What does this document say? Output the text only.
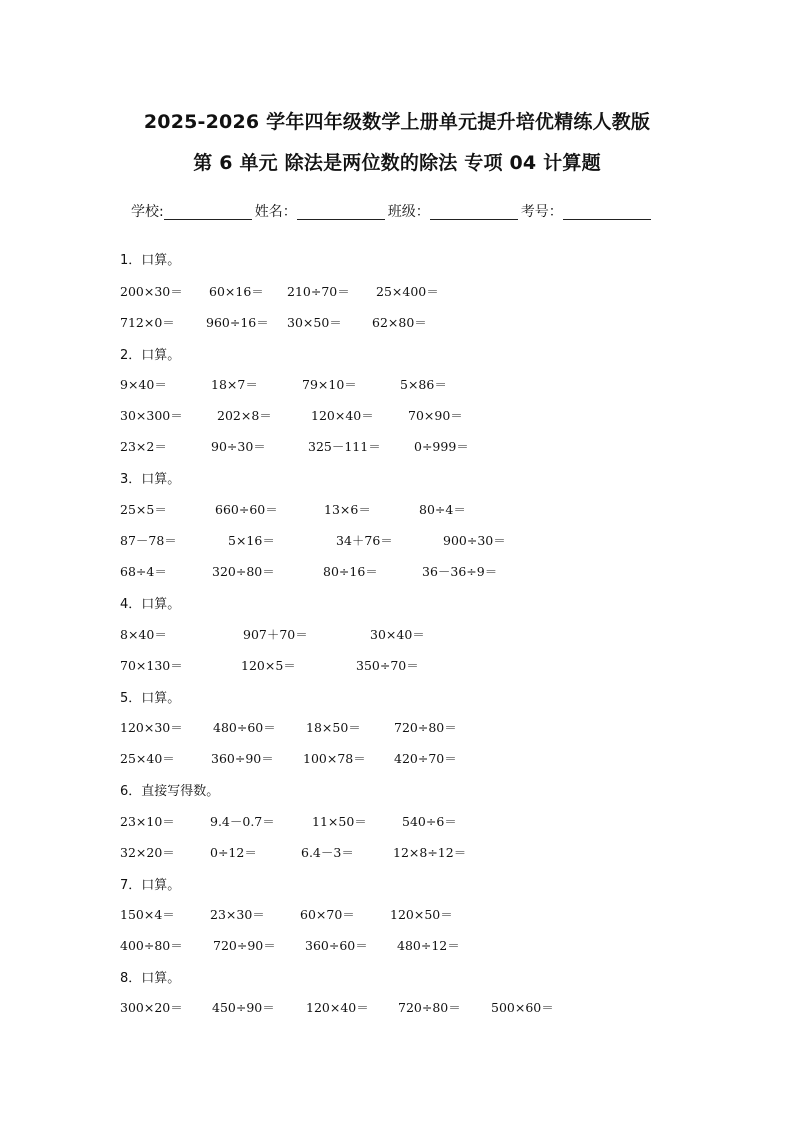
2025-2026 学年四年级数学上册单元提升培优精练人教版
第 6 单元 除法是两位数的除法 专项 04 计算题
学校:	姓名：	班级：	考号：
1．口算。
200×30＝ 60×16＝ 210÷70＝ 25×400＝
712×0＝ 960÷16＝ 30×50＝ 62×80＝
2．口算。
9×40＝	18×7＝	79×10＝	5×86＝
30×300＝	202×8＝	120×40＝	70×90＝
23×2＝	90÷30＝	325－111＝	0÷999＝
3．口算。
25×5＝	660÷60＝	13×6＝	80÷4＝
87－78＝	5×16＝	34＋76＝	900÷30＝
68÷4＝	320÷80＝	80÷16＝	36－36÷9＝
4．口算。
8×40＝	907＋70＝	30×40＝
70×130＝	120×5＝	350÷70＝
5．口算。
120×30＝ 480÷60＝ 18×50＝	720÷80＝
25×40＝	360÷90＝ 100×78＝ 420÷70＝
6．直接写得数。
23×10＝	9.4－0.7＝	11×50＝	540÷6＝
32×20＝	0÷12＝	6.4－3＝	12×8÷12＝
7．口算。
150×4＝	23×30＝	60×70＝	120×50＝
400÷80＝ 720÷90＝ 360÷60＝ 480÷12＝
8．口算。
300×20＝ 450÷90＝	120×40＝ 720÷80＝ 500×60＝
